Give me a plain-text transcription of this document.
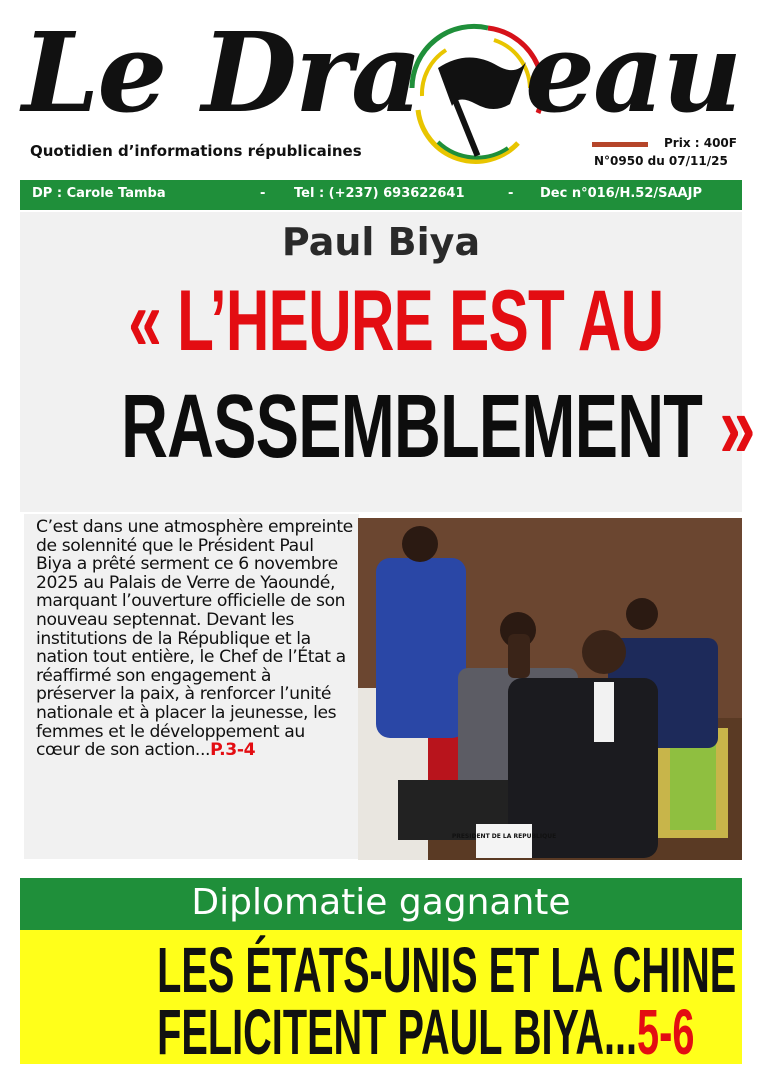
Le Dra eau
Quotidien d’informations républicaines	Prix : 400F
N°0950 du 07/11/25
DP : Carole Tamba	- Tel : (+237) 693622641	- Dec n°016/H.52/SAAJP
Paul Biya
« L’HEURE EST AU
RASSEMBLEMENT »

C’est dans une atmosphère empreinte de solennité que le Président Paul Biya a prêté serment ce 6 novembre 2025 au Palais de Verre de Yaoundé, marquant l’ouverture officielle de son nouveau septennat. Devant les institutions de la République et la nation tout entière, le Chef de l’État a réaffirmé son engagement à préserver la paix, à renforcer l’unité nationale et à placer la jeunesse, les femmes et le développement au cœur de son action...P.3-4

PRESIDENT DE LA REPUBLIQUE
Diplomatie gagnante
LES ÉTATS-UNIS ET LA CHINE
FELICITENT PAUL BIYA...5-6
